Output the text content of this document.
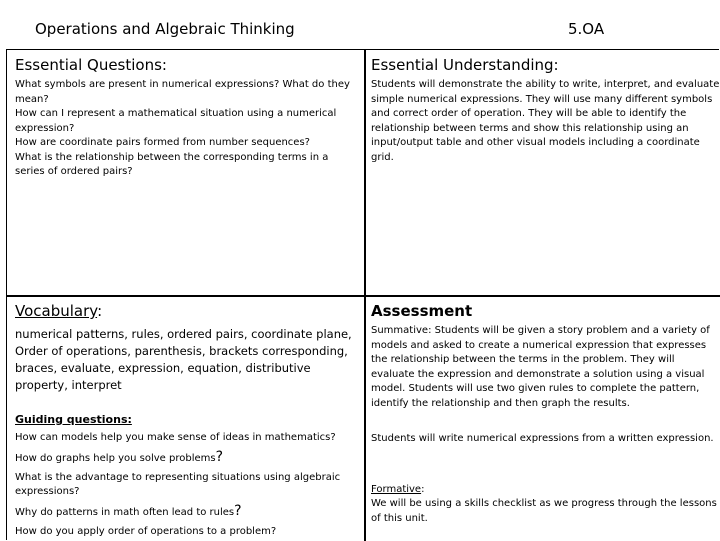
Operations and Algebraic Thinking	5.OA

Essential Questions:

What symbols are present in numerical expressions? What do they mean?

How can I represent a mathematical situation using a numerical expression?

How are coordinate pairs formed from number sequences?

What is the relationship between the corresponding terms in a series of ordered pairs?

Essential Understanding:

Students will demonstrate the ability to write, interpret, and evaluate simple numerical expressions. They will use many different symbols and correct order of operation. They will be able to identify the relationship between terms and show this relationship using an input/output table and other visual models including a coordinate grid.

Vocabulary:

numerical patterns, rules, ordered pairs, coordinate plane, Order of operations, parenthesis, brackets corresponding, braces, evaluate, expression, equation, distributive property, interpret

Guiding questions:

How can models help you make sense of ideas in mathematics?

How do graphs help you solve problems?

What is the advantage to representing situations using algebraic expressions?

Why do patterns in math often lead to rules?

How do you apply order of operations to a problem?

Assessment

Summative: Students will be given a story problem and a variety of models and asked to create a numerical expression that expresses the relationship between the terms in the problem. They will evaluate the expression and demonstrate a solution using a visual model. Students will use two given rules to complete the pattern, identify the relationship and then graph the results.

Students will write numerical expressions from a written expression.

Formative:

We will be using a skills checklist as we progress through the lessons of this unit.
